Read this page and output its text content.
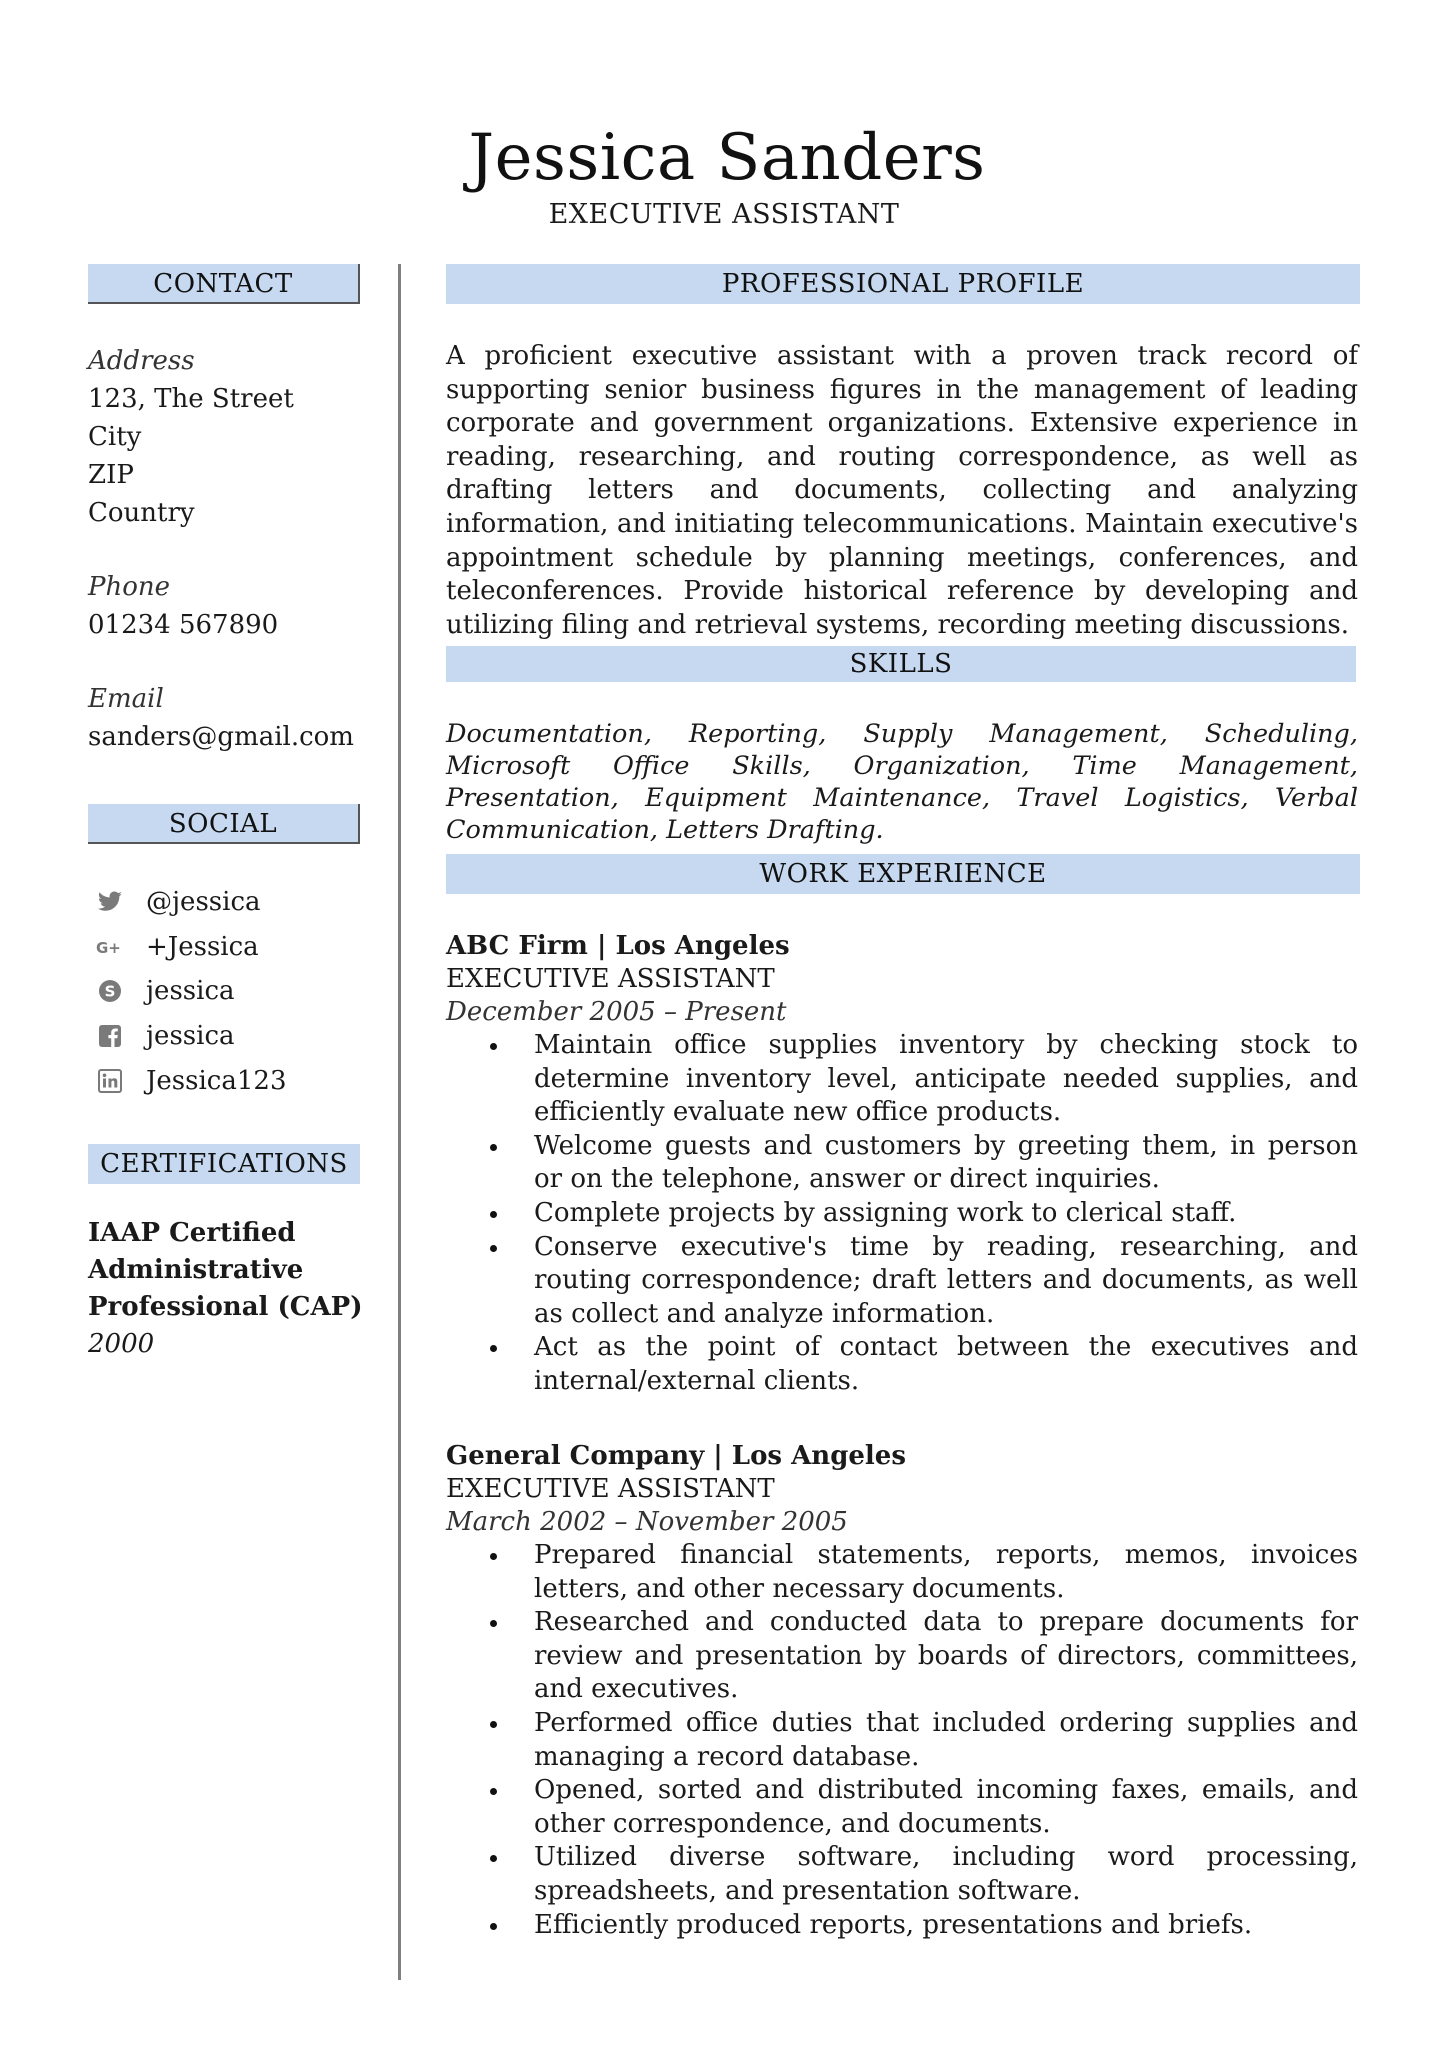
Jessica Sanders
EXECUTIVE ASSISTANT
CONTACT
Address
123, The Street
City
ZIP
Country
Phone
01234 567890
Email
sanders@gmail.com
SOCIAL
@jessica
G+ +Jessica
S jessica
jessica
Jessica123
CERTIFICATIONS
IAAP Certified
Administrative
Professional (CAP)
2000
PROFESSIONAL PROFILE
A proficient executive assistant with a proven track record of supporting senior business figures in the management of leading corporate and government organizations. Extensive experience in reading, researching, and routing correspondence, as well as drafting letters and documents, collecting and analyzing information, and initiating telecommunications. Maintain executive's appointment schedule by planning meetings, conferences, and teleconferences. Provide historical reference by developing and utilizing filing and retrieval systems, recording meeting discussions.
SKILLS
Documentation, Reporting, Supply Management, Scheduling, Microsoft Office Skills, Organization, Time Management, Presentation, Equipment Maintenance, Travel Logistics, Verbal Communication, Letters Drafting.
WORK EXPERIENCE
ABC Firm | Los Angeles
EXECUTIVE ASSISTANT
December 2005 – Present
Maintain office supplies inventory by checking stock to determine inventory level, anticipate needed supplies, and efficiently evaluate new office products.
Welcome guests and customers by greeting them, in person or on the telephone, answer or direct inquiries.
Complete projects by assigning work to clerical staff.
Conserve executive's time by reading, researching, and routing correspondence; draft letters and documents, as well as collect and analyze information.
Act as the point of contact between the executives and internal/external clients.
General Company | Los Angeles
EXECUTIVE ASSISTANT
March 2002 – November 2005
Prepared financial statements, reports, memos, invoices letters, and other necessary documents.
Researched and conducted data to prepare documents for review and presentation by boards of directors, committees, and executives.
Performed office duties that included ordering supplies and managing a record database.
Opened, sorted and distributed incoming faxes, emails, and other correspondence, and documents.
Utilized diverse software, including word processing, spreadsheets, and presentation software.
Efficiently produced reports, presentations and briefs.
